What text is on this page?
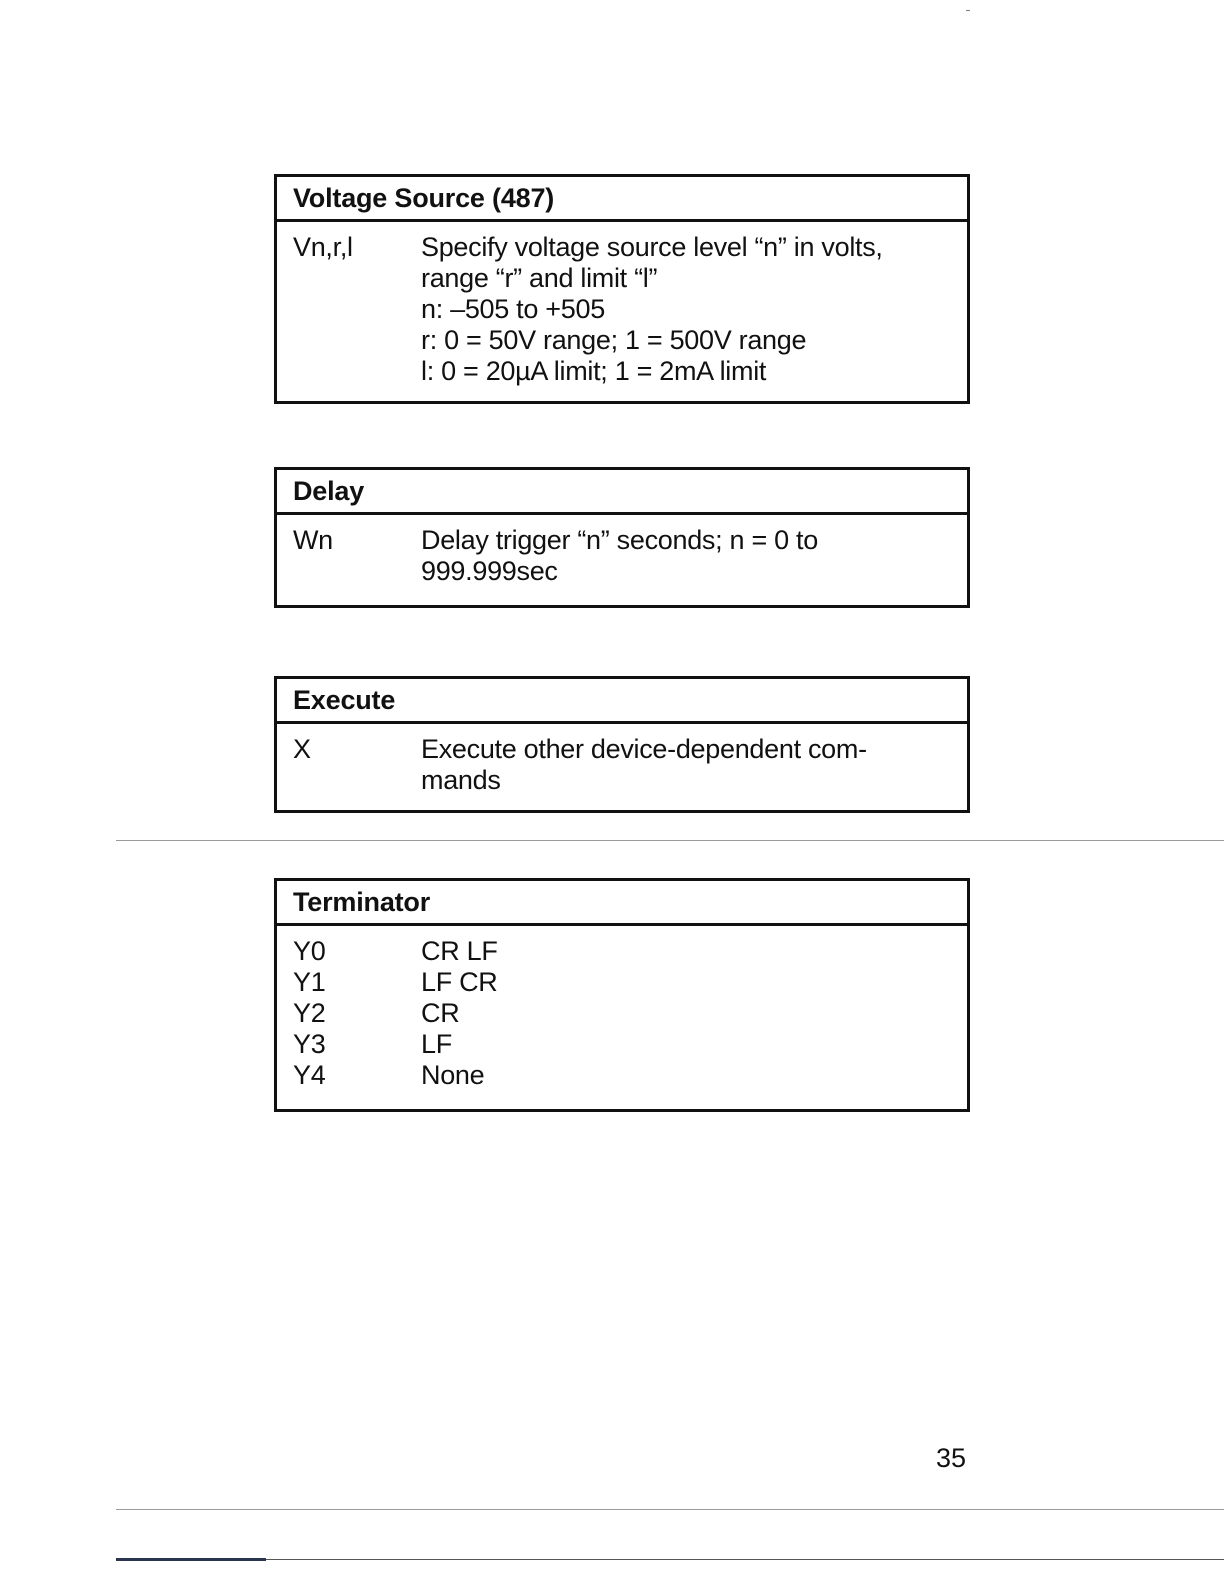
Voltage Source (487)
Vn,r,l	Specify voltage source level “n” in volts,
range “r” and limit “l”
n: –505 to +505
r: 0 = 50V range; 1 = 500V range
l: 0 = 20µA limit; 1 = 2mA limit
Delay
Wn	Delay trigger “n” seconds; n = 0 to
999.999sec
Execute
X	Execute other device-dependent com-
mands
Terminator
Y0	CR LF
Y1	LF CR
Y2	CR
Y3	LF
Y4	None
35
